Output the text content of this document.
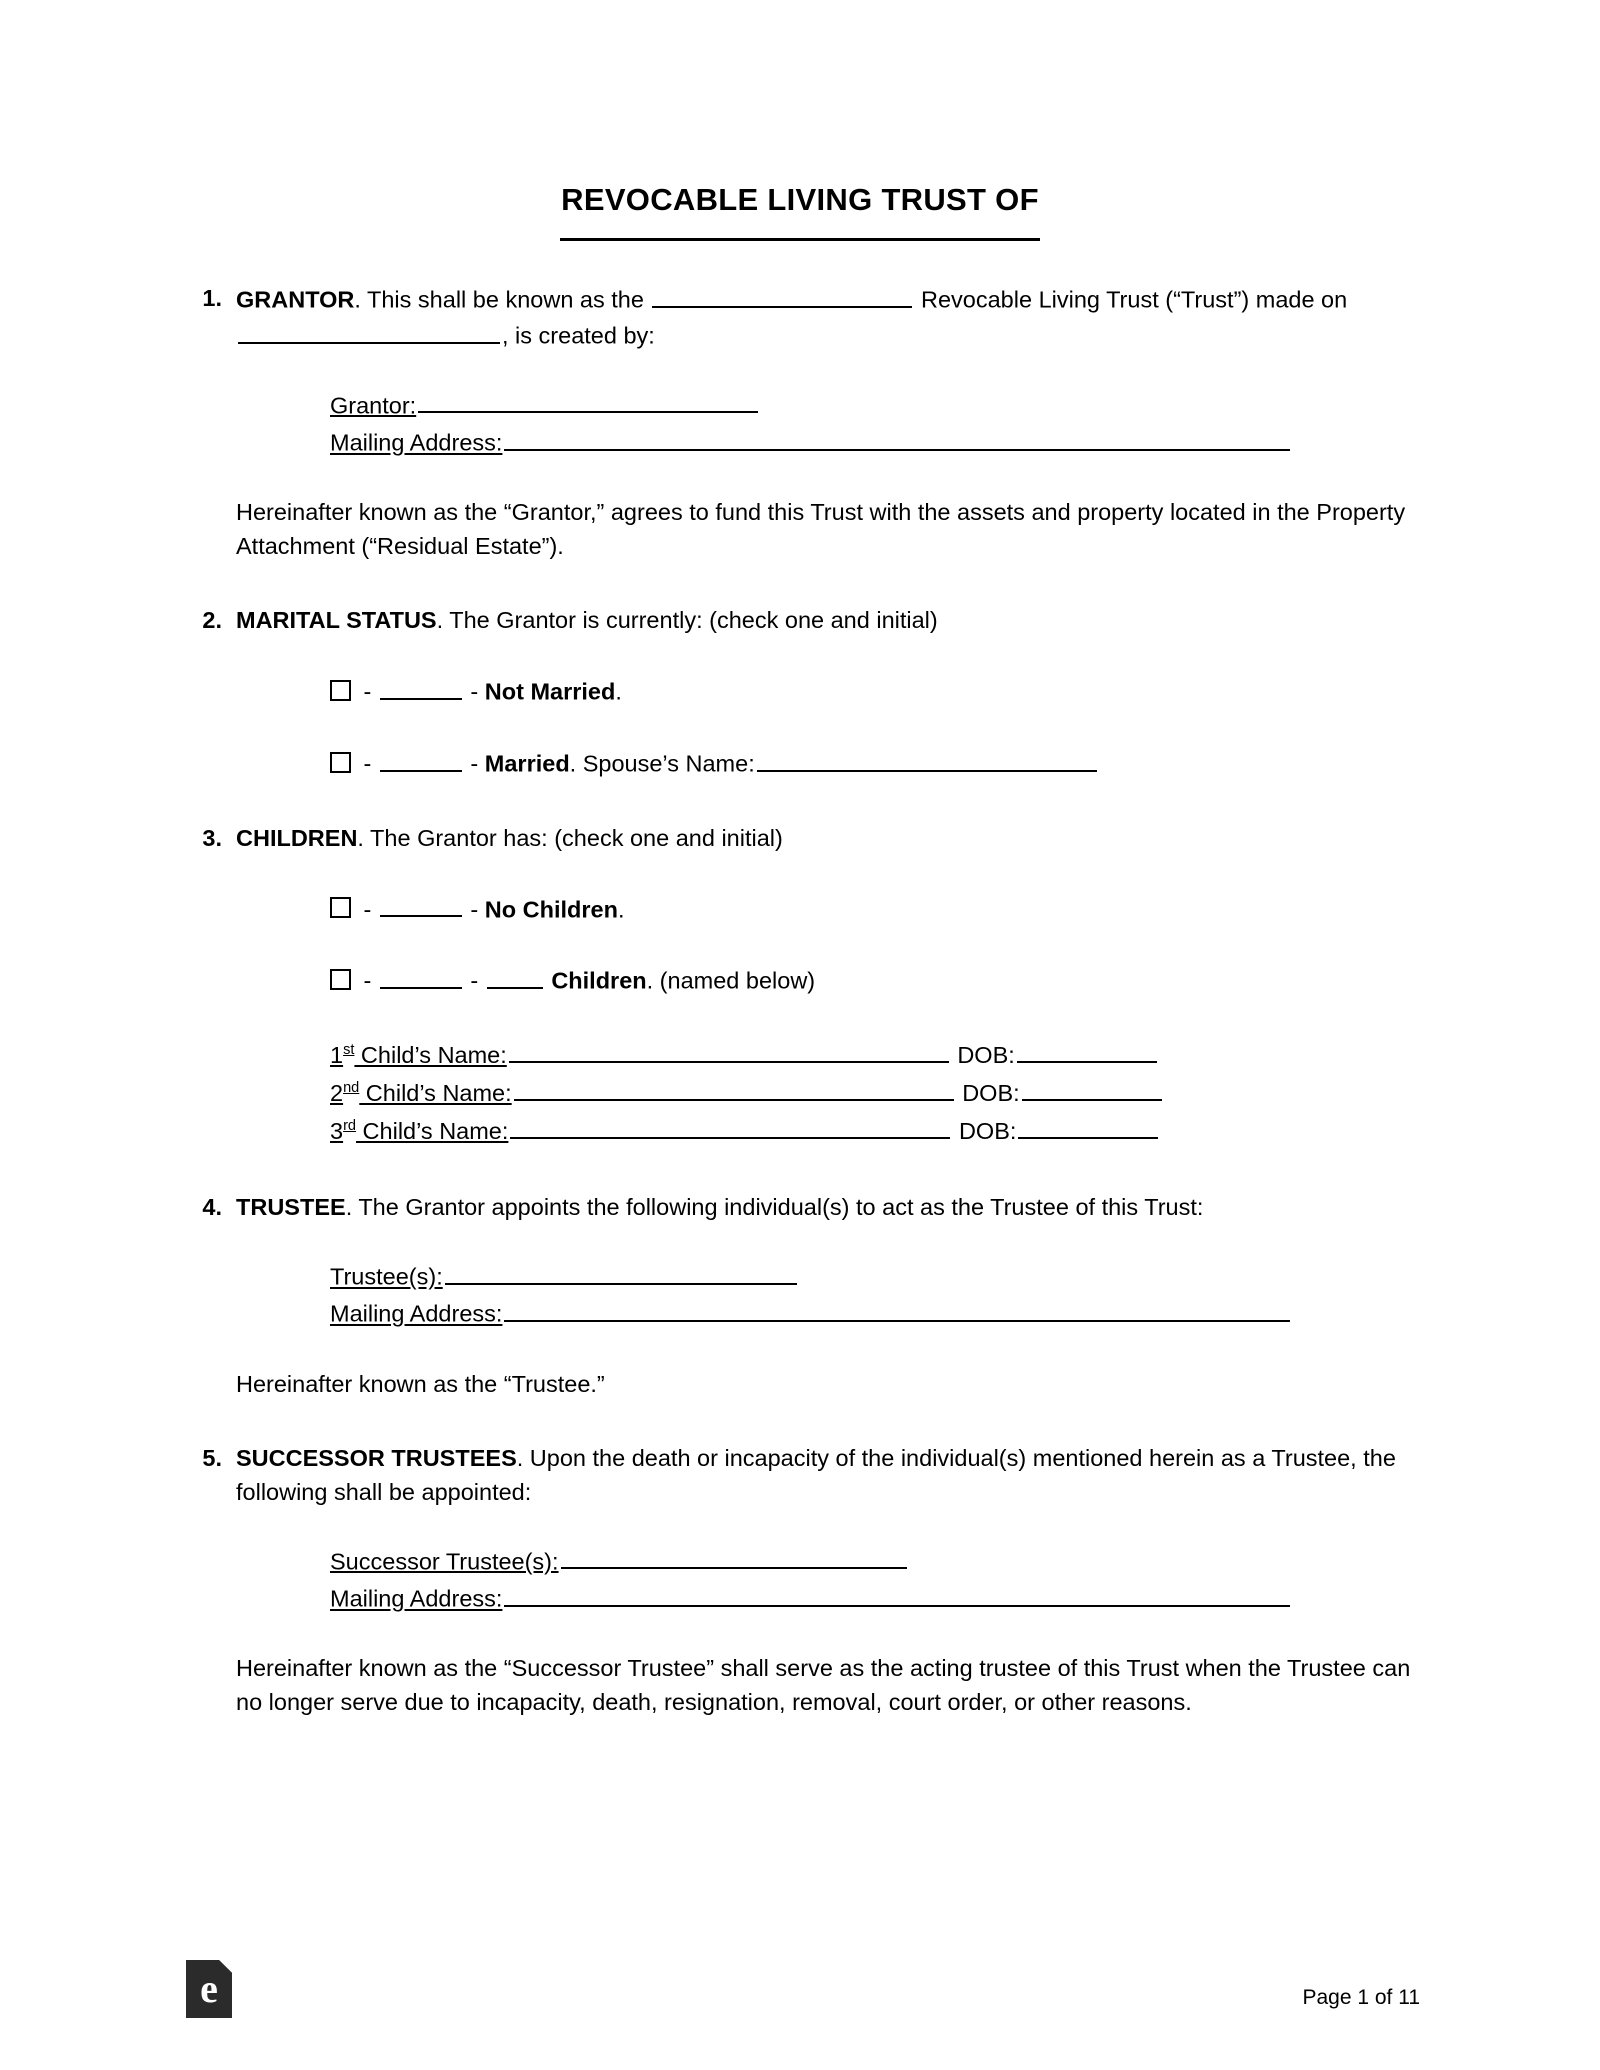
REVOCABLE LIVING TRUST OF
1. GRANTOR. This shall be known as the	Revocable Living Trust (“Trust”) made on , is created by:
Grantor:
Mailing Address:
Hereinafter known as the “Grantor,” agrees to fund this Trust with the assets and property located in the Property Attachment (“Residual Estate”).
2. MARITAL STATUS. The Grantor is currently: (check one and initial)
-	- Not Married.
-	- Married. Spouse’s Name:
3. CHILDREN. The Grantor has: (check one and initial)
-	- No Children.
-	-	Children. (named below)
1st Child’s Name:	DOB:
2nd Child’s Name:	DOB:
3rd Child’s Name:	DOB:
4. TRUSTEE. The Grantor appoints the following individual(s) to act as the Trustee of this Trust:
Trustee(s):
Mailing Address:
Hereinafter known as the “Trustee.”
5. SUCCESSOR TRUSTEES. Upon the death or incapacity of the individual(s) mentioned herein as a Trustee, the following shall be appointed:
Successor Trustee(s):
Mailing Address:
Hereinafter known as the “Successor Trustee” shall serve as the acting trustee of this Trust when the Trustee can no longer serve due to incapacity, death, resignation, removal, court order, or other reasons.
e	Page 1 of 11
